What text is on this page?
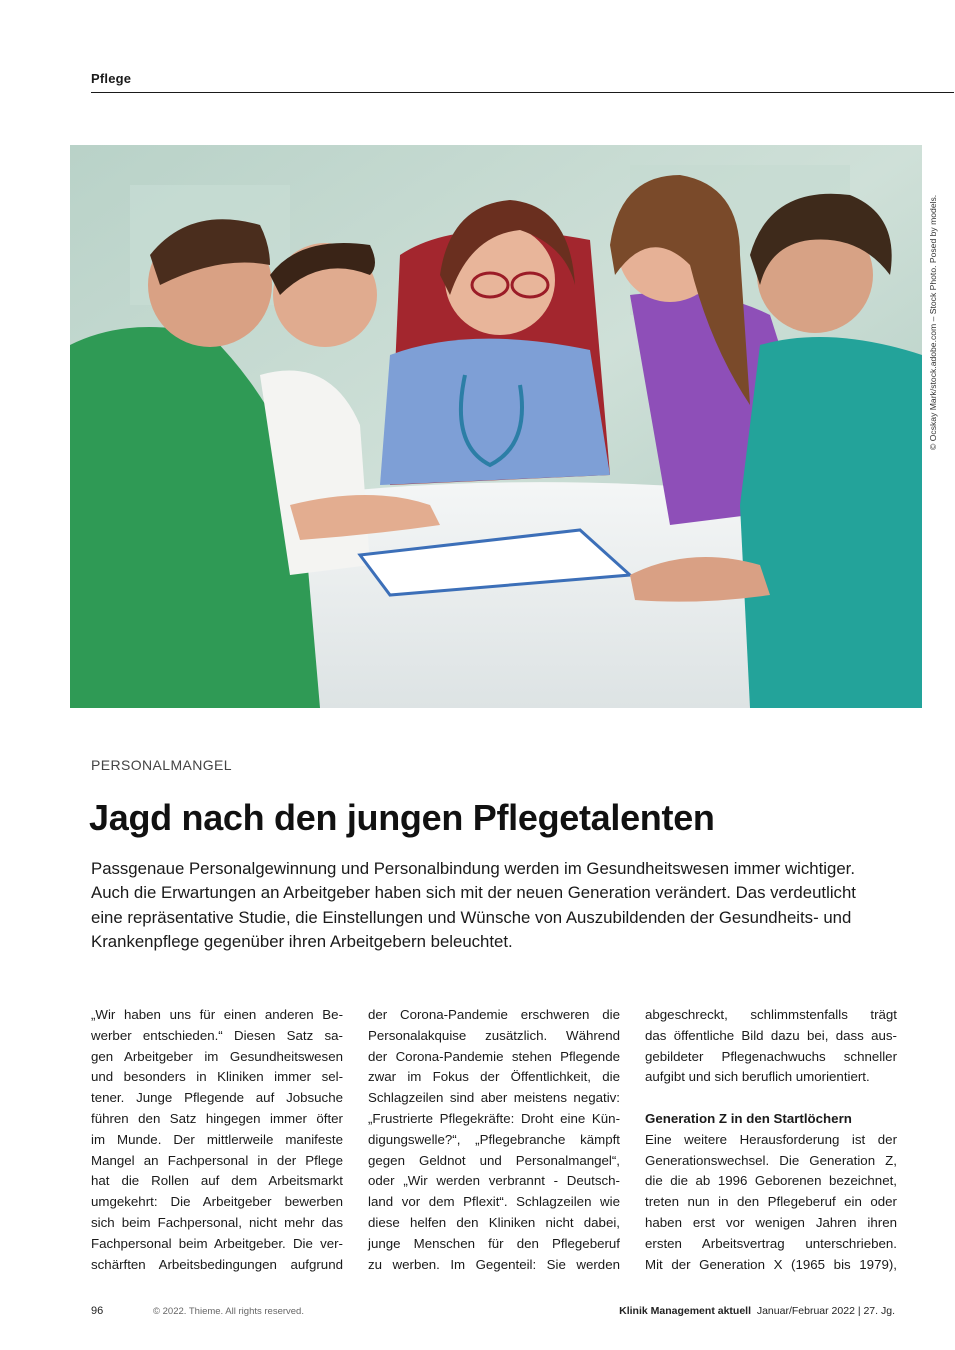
Pflege
© Ocskay Mark/stock.adobe.com – Stock Photo. Posed by models.
PERSONALMANGEL
Jagd nach den jungen Pflegetalenten

Passgenaue Personalgewinnung und Personalbindung werden im Gesundheitswesen immer wichtiger.
Auch die Erwartungen an Arbeitgeber haben sich mit der neuen Generation verändert. Das verdeutlicht
eine repräsentative Studie, die Einstellungen und Wünsche von Auszubildenden der Gesundheits- und
Krankenpflege gegenüber ihren Arbeitgebern beleuchtet.

„Wir haben uns für einen anderen Be-
werber entschieden.“ Diesen Satz sa-
gen Arbeitgeber im Gesundheitswesen
und besonders in Kliniken immer sel-
tener. Junge Pflegende auf Jobsuche
führen den Satz hingegen immer öfter
im Munde. Der mittlerweile manifeste
Mangel an Fachpersonal in der Pflege
hat die Rollen auf dem Arbeitsmarkt
umgekehrt: Die Arbeitgeber bewerben
sich beim Fachpersonal, nicht mehr das
Fachpersonal beim Arbeitgeber. Die ver-
schärften Arbeitsbedingungen aufgrund
der Corona-Pandemie erschweren die
Personalakquise zusätzlich. Während
der Corona-Pandemie stehen Pflegende
zwar im Fokus der Öffentlichkeit, die
Schlagzeilen sind aber meistens negativ:
„Frustrierte Pflegekräfte: Droht eine Kün-
digungswelle?“, „Pflegebranche kämpft
gegen Geldnot und Personalmangel“,
oder „Wir werden verbrannt - Deutsch-
land vor dem Pflexit“. Schlagzeilen wie
diese helfen den Kliniken nicht dabei,
junge Menschen für den Pflegeberuf
zu werben. Im Gegenteil: Sie werden
abgeschreckt, schlimmstenfalls trägt
das öffentliche Bild dazu bei, dass aus-
gebildeter Pflegenachwuchs schneller
aufgibt und sich beruflich umorientiert.
Generation Z in den Startlöchern
Eine weitere Herausforderung ist der
Generationswechsel. Die Generation Z,
die die ab 1996 Geborenen bezeichnet,
treten nun in den Pflegeberuf ein oder
haben erst vor wenigen Jahren ihren
ersten Arbeitsvertrag unterschrieben.
Mit der Generation X (1965 bis 1979),
96	© 2022. Thieme. All rights reserved.	Klinik Management aktuell Januar/Februar 2022 | 27. Jg.
